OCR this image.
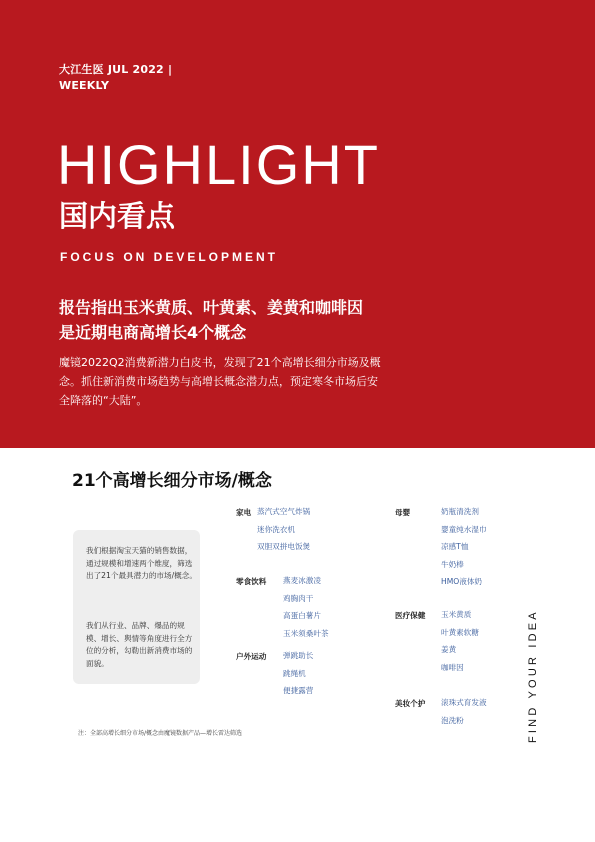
大江生医 JUL 2022 |
WEEKLY
HIGHLIGHT
国内看点
FOCUS ON DEVELOPMENT
报告指出玉米黄质、叶黄素、姜黄和咖啡因
是近期电商高增长4个概念
魔镜2022Q2消费新潜力白皮书，发现了21个高增长细分市场及概
念。抓住新消费市场趋势与高增长概念潜力点，预定寒冬市场后安
全降落的“大陆”。
21个高增长细分市场/概念

我们根据淘宝天猫的销售数据，通过规模和增速两个维度，筛选出了21个最具潜力的市场/概念。

我们从行业、品牌、爆品的规模、增长、舆情等角度进行全方位的分析，勾勒出新消费市场的面貌。

家电 蒸汽式空气炸锅
迷你洗衣机
双胆双拼电饭煲
零食饮料 燕麦冰激凌
鸡胸肉干
高蛋白薯片
玉米须桑叶茶
户外运动 弹跳助长
跳绳机
便捷露营
母婴	奶瓶清洗剂
婴童纯水湿巾
凉感T恤
牛奶棒
HMO液体奶
医疗保健 玉米黄质
叶黄素软糖
姜黄
咖啡因
美妆个护 滚珠式育发液
泡洗粉	FIND YOUR IDEA
注：全部高增长细分市场/概念由魔镜数据产品—增长雷达筛选
